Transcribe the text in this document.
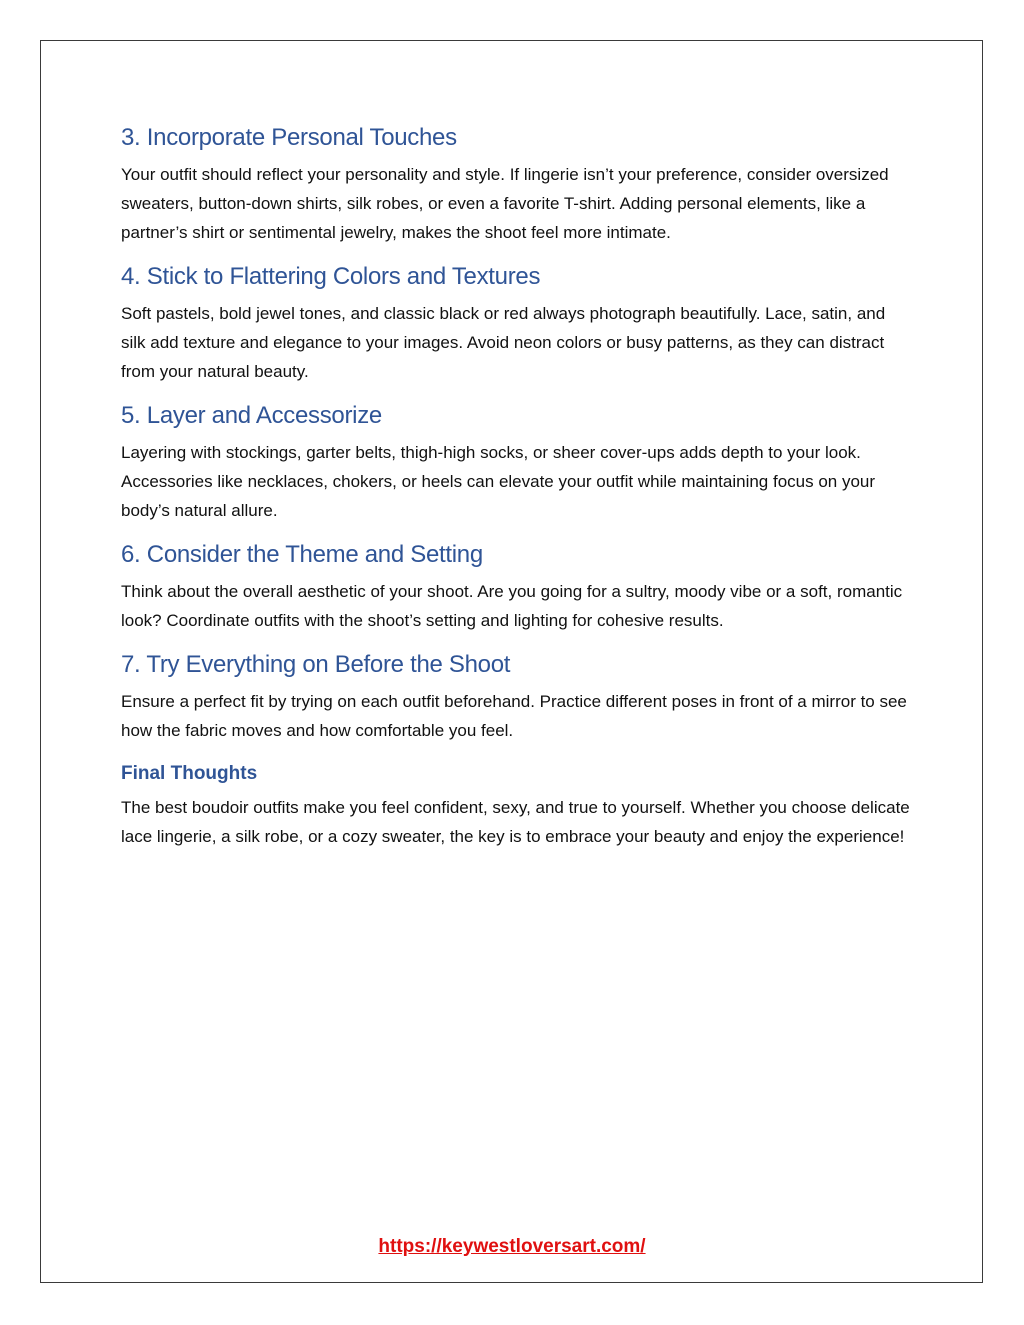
3. Incorporate Personal Touches

Your outfit should reflect your personality and style. If lingerie isn’t your preference, consider oversized sweaters, button-down shirts, silk robes, or even a favorite T-shirt. Adding personal elements, like a partner’s shirt or sentimental jewelry, makes the shoot feel more intimate.

4. Stick to Flattering Colors and Textures

Soft pastels, bold jewel tones, and classic black or red always photograph beautifully. Lace, satin, and silk add texture and elegance to your images. Avoid neon colors or busy patterns, as they can distract from your natural beauty.

5. Layer and Accessorize

Layering with stockings, garter belts, thigh-high socks, or sheer cover-ups adds depth to your look. Accessories like necklaces, chokers, or heels can elevate your outfit while maintaining focus on your body’s natural allure.

6. Consider the Theme and Setting

Think about the overall aesthetic of your shoot. Are you going for a sultry, moody vibe or a soft, romantic look? Coordinate outfits with the shoot’s setting and lighting for cohesive results.

7. Try Everything on Before the Shoot

Ensure a perfect fit by trying on each outfit beforehand. Practice different poses in front of a mirror to see how the fabric moves and how comfortable you feel.

Final Thoughts

The best boudoir outfits make you feel confident, sexy, and true to yourself. Whether you choose delicate lace lingerie, a silk robe, or a cozy sweater, the key is to embrace your beauty and enjoy the experience!

https://keywestloversart.com/
